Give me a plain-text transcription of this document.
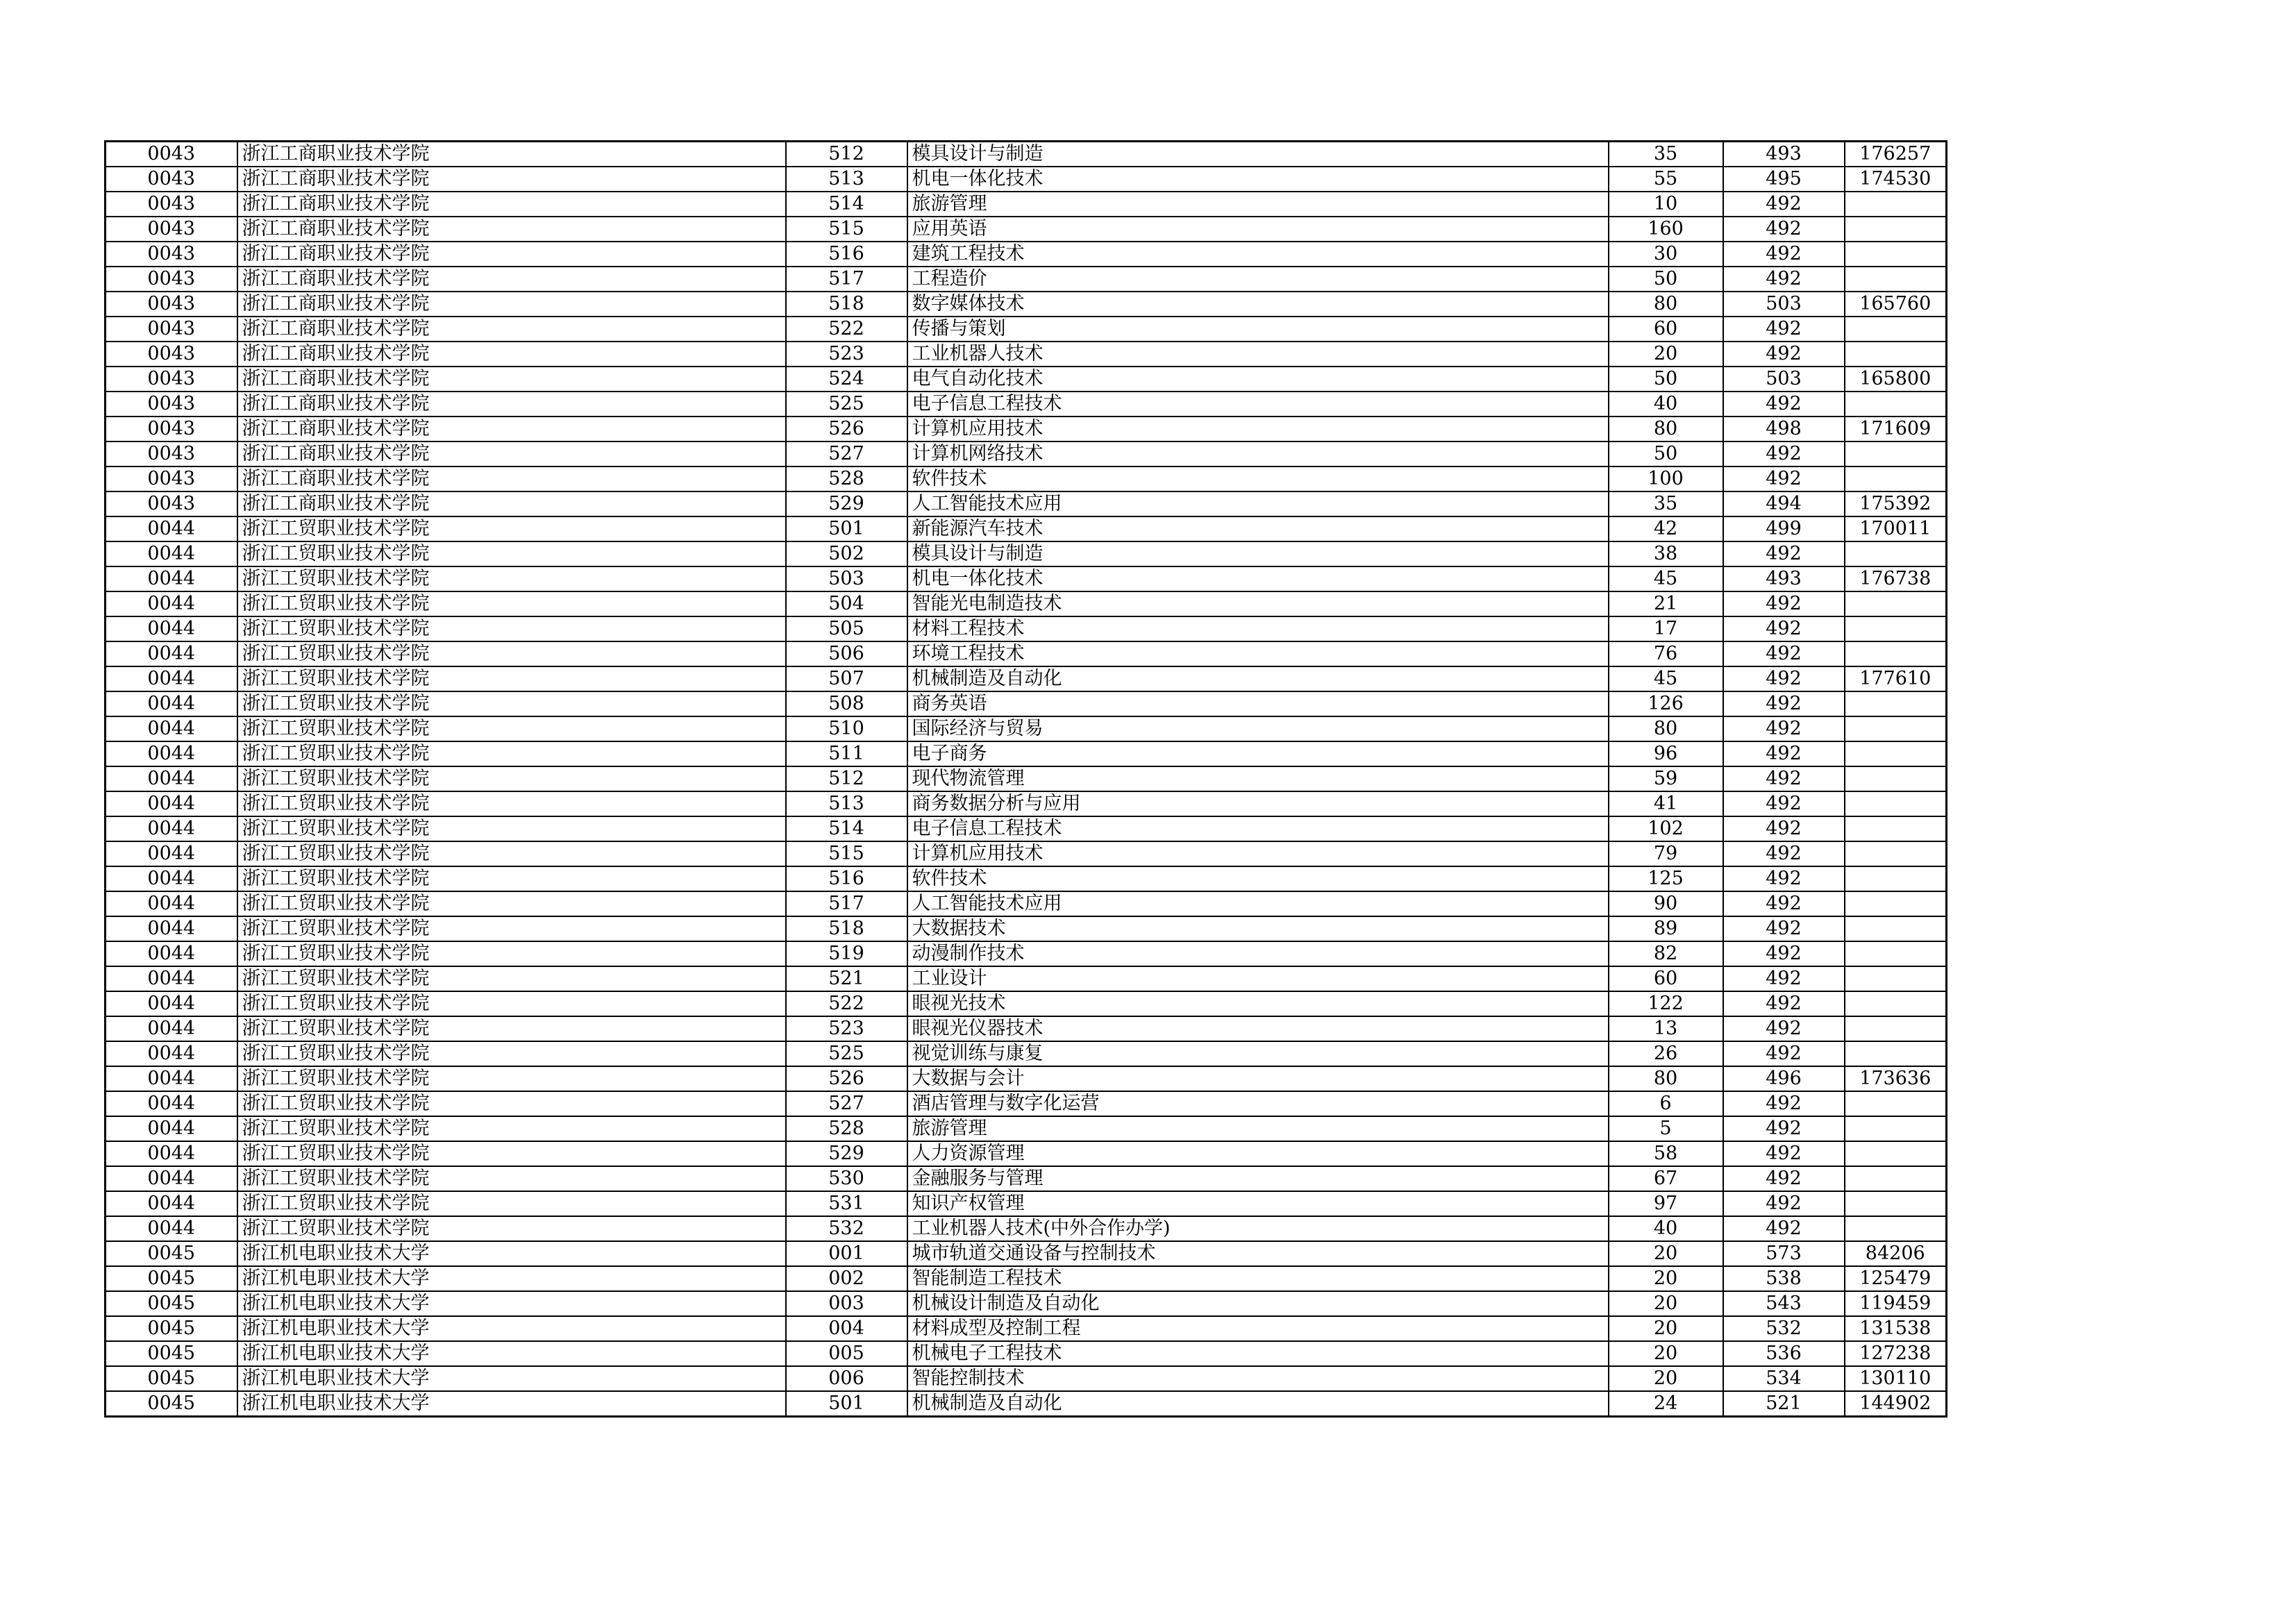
0043	浙江工商职业技术学院	512	模具设计与制造	35	493	176257
0043	浙江工商职业技术学院	513	机电一体化技术	55	495	174530
0043	浙江工商职业技术学院	514	旅游管理	10	492	
0043	浙江工商职业技术学院	515	应用英语	160	492	
0043	浙江工商职业技术学院	516	建筑工程技术	30	492	
0043	浙江工商职业技术学院	517	工程造价	50	492	
0043	浙江工商职业技术学院	518	数字媒体技术	80	503	165760
0043	浙江工商职业技术学院	522	传播与策划	60	492	
0043	浙江工商职业技术学院	523	工业机器人技术	20	492	
0043	浙江工商职业技术学院	524	电气自动化技术	50	503	165800
0043	浙江工商职业技术学院	525	电子信息工程技术	40	492	
0043	浙江工商职业技术学院	526	计算机应用技术	80	498	171609
0043	浙江工商职业技术学院	527	计算机网络技术	50	492	
0043	浙江工商职业技术学院	528	软件技术	100	492	
0043	浙江工商职业技术学院	529	人工智能技术应用	35	494	175392
0044	浙江工贸职业技术学院	501	新能源汽车技术	42	499	170011
0044	浙江工贸职业技术学院	502	模具设计与制造	38	492	
0044	浙江工贸职业技术学院	503	机电一体化技术	45	493	176738
0044	浙江工贸职业技术学院	504	智能光电制造技术	21	492	
0044	浙江工贸职业技术学院	505	材料工程技术	17	492	
0044	浙江工贸职业技术学院	506	环境工程技术	76	492	
0044	浙江工贸职业技术学院	507	机械制造及自动化	45	492	177610
0044	浙江工贸职业技术学院	508	商务英语	126	492	
0044	浙江工贸职业技术学院	510	国际经济与贸易	80	492	
0044	浙江工贸职业技术学院	511	电子商务	96	492	
0044	浙江工贸职业技术学院	512	现代物流管理	59	492	
0044	浙江工贸职业技术学院	513	商务数据分析与应用	41	492	
0044	浙江工贸职业技术学院	514	电子信息工程技术	102	492	
0044	浙江工贸职业技术学院	515	计算机应用技术	79	492	
0044	浙江工贸职业技术学院	516	软件技术	125	492	
0044	浙江工贸职业技术学院	517	人工智能技术应用	90	492	
0044	浙江工贸职业技术学院	518	大数据技术	89	492	
0044	浙江工贸职业技术学院	519	动漫制作技术	82	492	
0044	浙江工贸职业技术学院	521	工业设计	60	492	
0044	浙江工贸职业技术学院	522	眼视光技术	122	492	
0044	浙江工贸职业技术学院	523	眼视光仪器技术	13	492	
0044	浙江工贸职业技术学院	525	视觉训练与康复	26	492	
0044	浙江工贸职业技术学院	526	大数据与会计	80	496	173636
0044	浙江工贸职业技术学院	527	酒店管理与数字化运营	6	492	
0044	浙江工贸职业技术学院	528	旅游管理	5	492	
0044	浙江工贸职业技术学院	529	人力资源管理	58	492	
0044	浙江工贸职业技术学院	530	金融服务与管理	67	492	
0044	浙江工贸职业技术学院	531	知识产权管理	97	492	
0044	浙江工贸职业技术学院	532	工业机器人技术(中外合作办学)	40	492	
0045	浙江机电职业技术大学	001	城市轨道交通设备与控制技术	20	573	84206
0045	浙江机电职业技术大学	002	智能制造工程技术	20	538	125479
0045	浙江机电职业技术大学	003	机械设计制造及自动化	20	543	119459
0045	浙江机电职业技术大学	004	材料成型及控制工程	20	532	131538
0045	浙江机电职业技术大学	005	机械电子工程技术	20	536	127238
0045	浙江机电职业技术大学	006	智能控制技术	20	534	130110
0045	浙江机电职业技术大学	501	机械制造及自动化	24	521	144902
